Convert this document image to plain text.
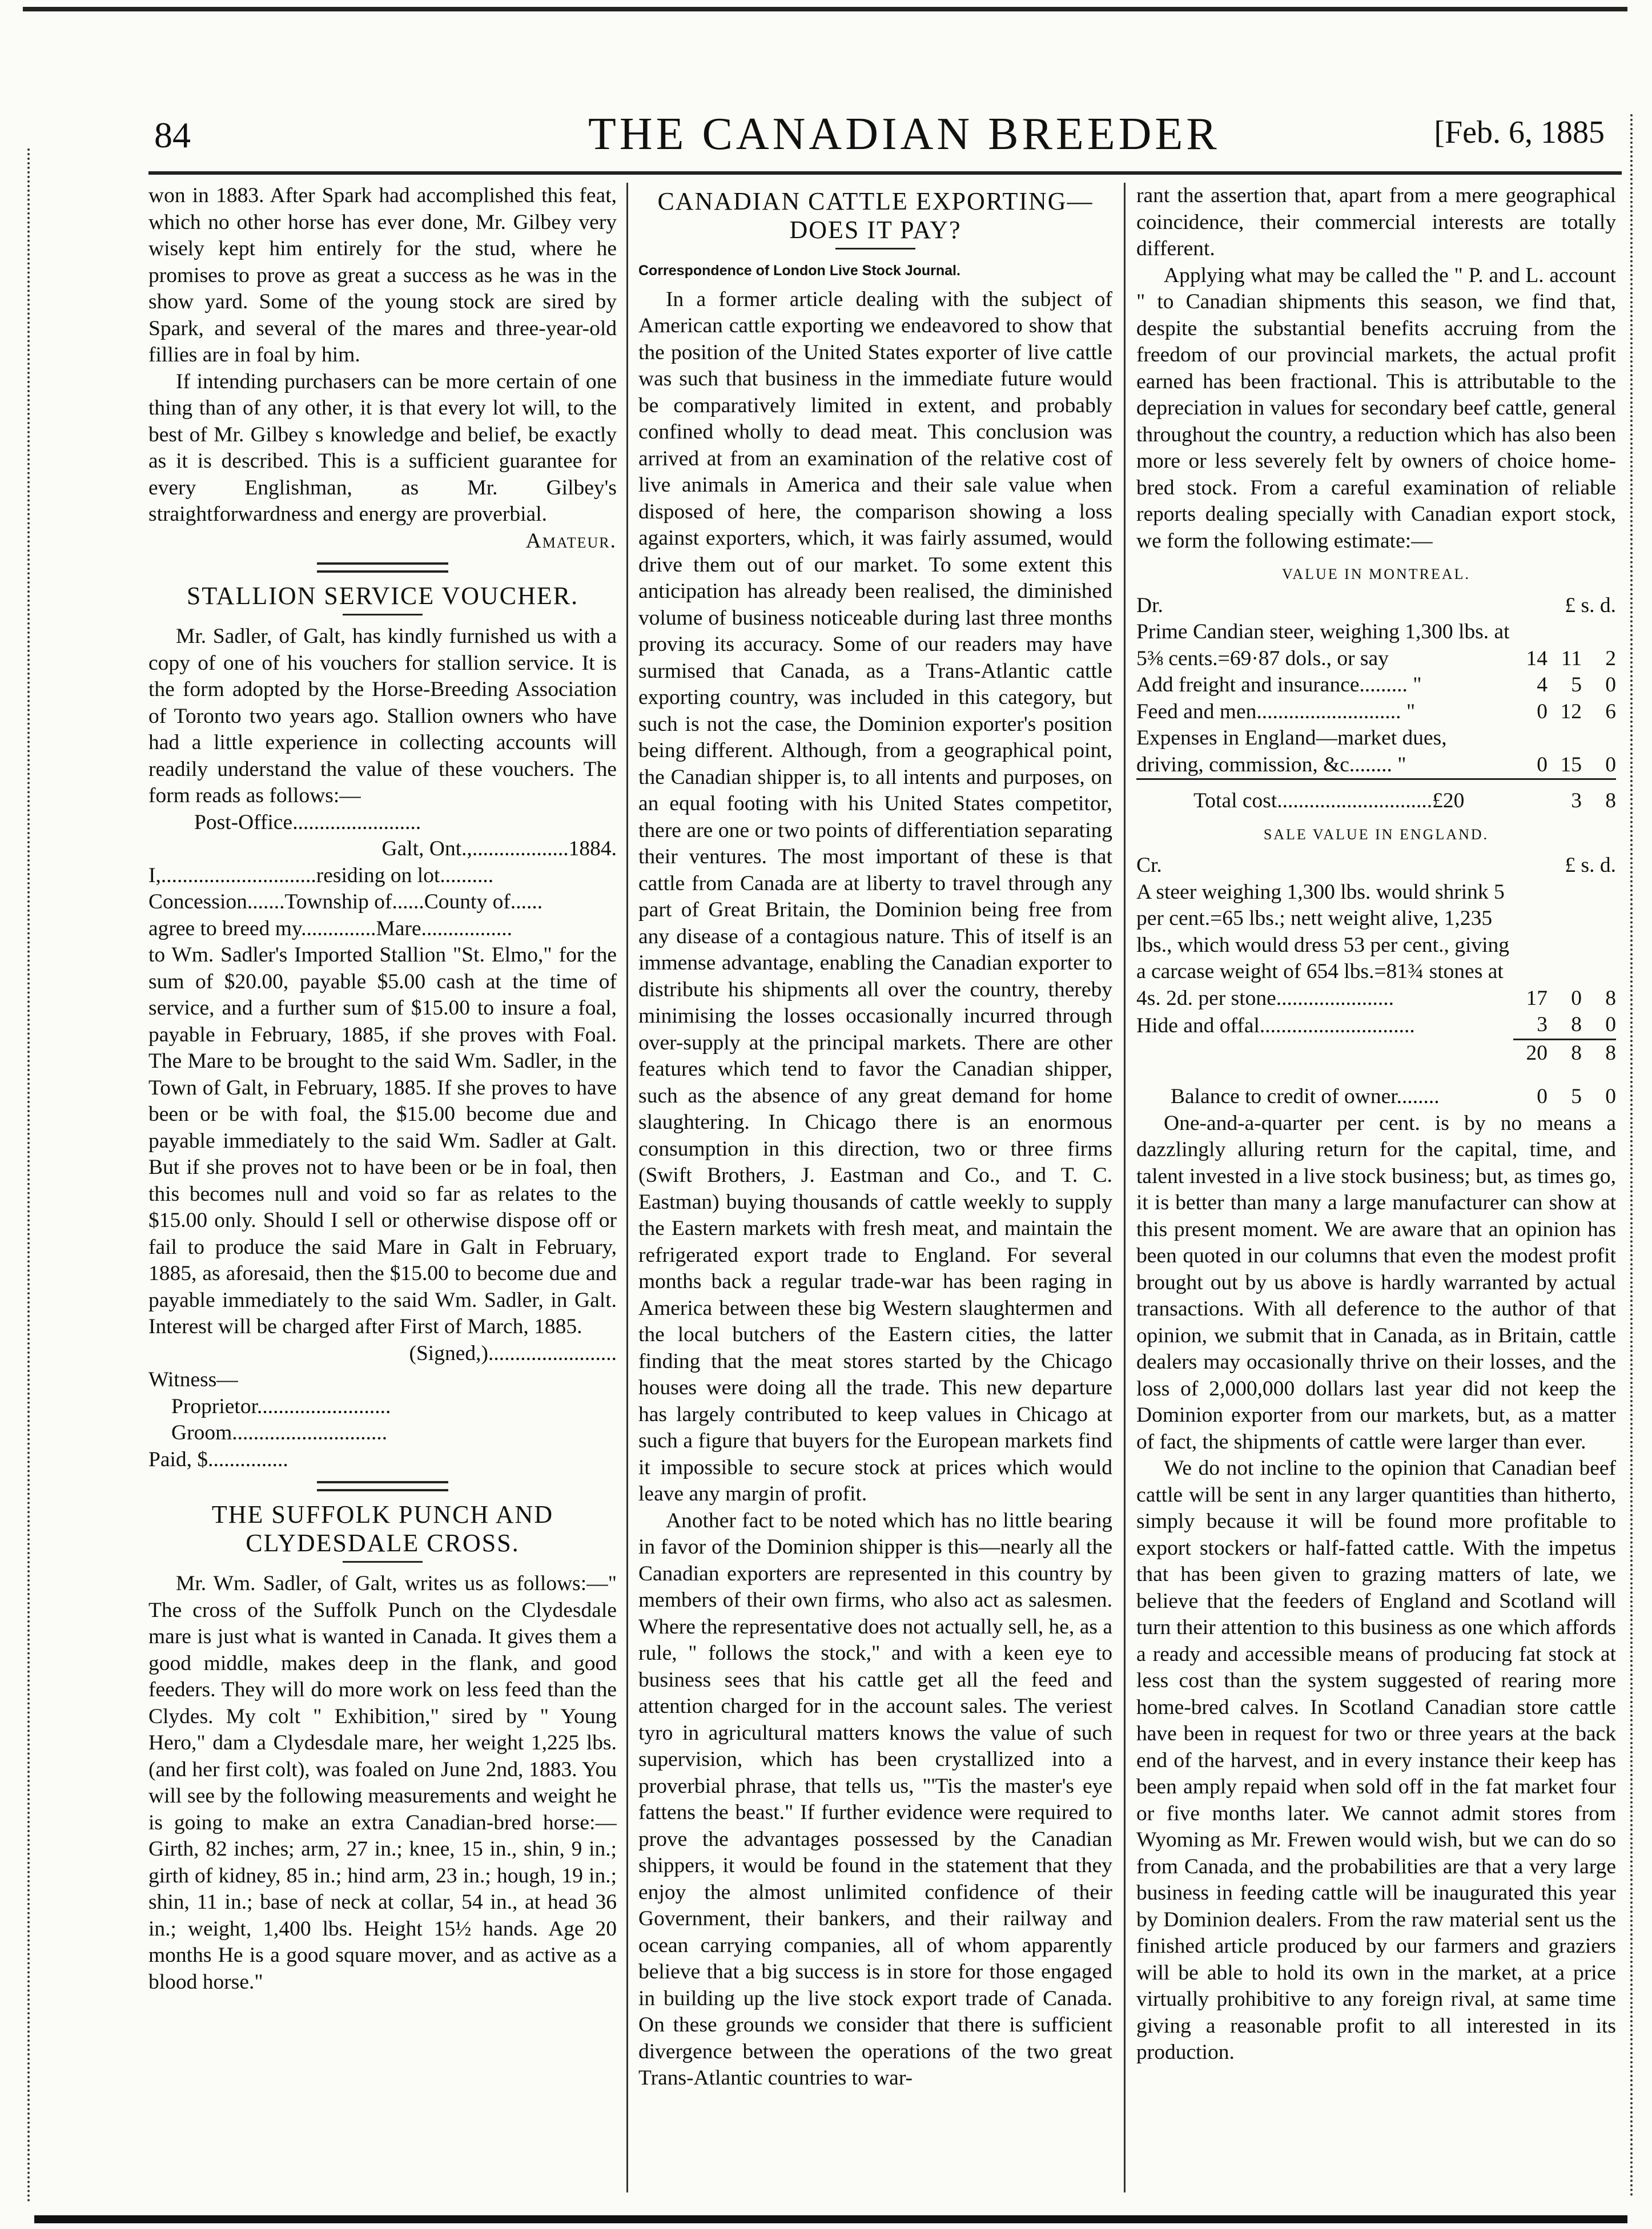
84	THE CANADIAN BREEDER	[Feb. 6, 1885

won in 1883. After Spark had accomplished this feat, which no other horse has ever done, Mr. Gilbey very wisely kept him entirely for the stud, where he promises to prove as great a success as he was in the show yard. Some of the young stock are sired by Spark, and several of the mares and three-year-old fillies are in foal by him.

If intending purchasers can be more certain of one thing than of any other, it is that every lot will, to the best of Mr. Gilbey s knowledge and belief, be exactly as it is described. This is a sufficient guarantee for every Englishman, as Mr. Gilbey's straightforwardness and energy are proverbial.

Amateur.

STALLION SERVICE VOUCHER.

Mr. Sadler, of Galt, has kindly furnished us with a copy of one of his vouchers for stallion service. It is the form adopted by the Horse-Breeding Association of Toronto two years ago. Stallion owners who have had a little experience in collecting accounts will readily understand the value of these vouchers. The form reads as follows:—

Post-Office........................
Galt, Ont.,..................1884.
I,.............................residing on lot..........
Concession.......Township of......County of......
agree to breed my..............Mare.................

to Wm. Sadler's Imported Stallion "St. Elmo," for the sum of $20.00, payable $5.00 cash at the time of service, and a further sum of $15.00 to insure a foal, payable in February, 1885, if she proves with Foal. The Mare to be brought to the said Wm. Sadler, in the Town of Galt, in February, 1885. If she proves to have been or be with foal, the $15.00 become due and payable immediately to the said Wm. Sadler at Galt. But if she proves not to have been or be in foal, then this becomes null and void so far as relates to the $15.00 only. Should I sell or otherwise dispose off or fail to produce the said Mare in Galt in February, 1885, as aforesaid, then the $15.00 to become due and payable immediately to the said Wm. Sadler, in Galt. Interest will be charged after First of March, 1885.

(Signed,)........................
Witness—
Proprietor.........................
Groom.............................
Paid, $...............
THE SUFFOLK PUNCH AND CLYDESDALE CROSS.

Mr. Wm. Sadler, of Galt, writes us as follows:—" The cross of the Suffolk Punch on the Clydesdale mare is just what is wanted in Canada. It gives them a good middle, makes deep in the flank, and good feeders. They will do more work on less feed than the Clydes. My colt " Exhibition," sired by " Young Hero," dam a Clydesdale mare, her weight 1,225 lbs. (and her first colt), was foaled on June 2nd, 1883. You will see by the following measurements and weight he is going to make an extra Canadian-bred horse:—Girth, 82 inches; arm, 27 in.; knee, 15 in., shin, 9 in.; girth of kidney, 85 in.; hind arm, 23 in.; hough, 19 in.; shin, 11 in.; base of neck at collar, 54 in., at head 36 in.; weight, 1,400 lbs. Height 15½ hands. Age 20 months He is a good square mover, and as active as a blood horse."

CANADIAN CATTLE EXPORTING—DOES IT PAY?

Correspondence of London Live Stock Journal.

In a former article dealing with the subject of American cattle exporting we endeavored to show that the position of the United States exporter of live cattle was such that business in the immediate future would be comparatively limited in extent, and probably confined wholly to dead meat. This conclusion was arrived at from an examination of the relative cost of live animals in America and their sale value when disposed of here, the comparison showing a loss against exporters, which, it was fairly assumed, would drive them out of our market. To some extent this anticipation has already been realised, the diminished volume of business noticeable during last three months proving its accuracy. Some of our readers may have surmised that Canada, as a Trans-Atlantic cattle exporting country, was included in this category, but such is not the case, the Dominion exporter's position being different. Although, from a geographical point, the Canadian shipper is, to all intents and purposes, on an equal footing with his United States competitor, there are one or two points of differentiation separating their ventures. The most important of these is that cattle from Canada are at liberty to travel through any part of Great Britain, the Dominion being free from any disease of a contagious nature. This of itself is an immense advantage, enabling the Canadian exporter to distribute his shipments all over the country, thereby minimising the losses occasionally incurred through over-supply at the principal markets. There are other features which tend to favor the Canadian shipper, such as the absence of any great demand for home slaughtering. In Chicago there is an enormous consumption in this direction, two or three firms (Swift Brothers, J. Eastman and Co., and T. C. Eastman) buying thousands of cattle weekly to supply the Eastern markets with fresh meat, and maintain the refrigerated export trade to England. For several months back a regular trade-war has been raging in America between these big Western slaughtermen and the local butchers of the Eastern cities, the latter finding that the meat stores started by the Chicago houses were doing all the trade. This new departure has largely contributed to keep values in Chicago at such a figure that buyers for the European markets find it impossible to secure stock at prices which would leave any margin of profit.

Another fact to be noted which has no little bearing in favor of the Dominion shipper is this—nearly all the Canadian exporters are represented in this country by members of their own firms, who also act as salesmen. Where the representative does not actually sell, he, as a rule, " follows the stock," and with a keen eye to business sees that his cattle get all the feed and attention charged for in the account sales. The veriest tyro in agricultural matters knows the value of such supervision, which has been crystallized into a proverbial phrase, that tells us, "'Tis the master's eye fattens the beast." If further evidence were required to prove the advantages possessed by the Canadian shippers, it would be found in the statement that they enjoy the almost unlimited confidence of their Government, their bankers, and their railway and ocean carrying companies, all of whom apparently believe that a big success is in store for those engaged in building up the live stock export trade of Canada. On these grounds we consider that there is sufficient divergence between the operations of the two great Trans-Atlantic countries to war-

rant the assertion that, apart from a mere geographical coincidence, their commercial interests are totally different.

Applying what may be called the " P. and L. account " to Canadian shipments this season, we find that, despite the substantial benefits accruing from the freedom of our provincial markets, the actual profit earned has been fractional. This is attributable to the depreciation in values for secondary beef cattle, general throughout the country, a reduction which has also been more or less severely felt by owners of choice home-bred stock. From a careful examination of reliable reports dealing specially with Canadian export stock, we form the following estimate:—

VALUE IN MONTREAL.
Dr.	£ s. d.		
Prime Candian steer, weighing 1,300 lbs. at 5⅜ cents.=69·87 dols., or say	14	11	2
Add freight and insurance......... "	4	5	0
Feed and men........................... "	0	12	6
Expenses in England—market dues, driving, commission, &c........ "	0	15	0
Total cost.............................£20		3	8
SALE VALUE IN ENGLAND.
Cr.	£ s. d.		
A steer weighing 1,300 lbs. would shrink 5 per cent.=65 lbs.; nett weight alive, 1,235 lbs., which would dress 53 per cent., giving a carcase weight of 654 lbs.=81¾ stones at 4s. 2d. per stone......................	17	0	8
Hide and offal.............................	3	8	0
	20	8	8
Balance to credit of owner........	0	5	0

One-and-a-quarter per cent. is by no means a dazzlingly alluring return for the capital, time, and talent invested in a live stock business; but, as times go, it is better than many a large manufacturer can show at this present moment. We are aware that an opinion has been quoted in our columns that even the modest profit brought out by us above is hardly warranted by actual transactions. With all deference to the author of that opinion, we submit that in Canada, as in Britain, cattle dealers may occasionally thrive on their losses, and the loss of 2,000,000 dollars last year did not keep the Dominion exporter from our markets, but, as a matter of fact, the shipments of cattle were larger than ever.

We do not incline to the opinion that Canadian beef cattle will be sent in any larger quantities than hitherto, simply because it will be found more profitable to export stockers or half-fatted cattle. With the impetus that has been given to grazing matters of late, we believe that the feeders of England and Scotland will turn their attention to this business as one which affords a ready and accessible means of producing fat stock at less cost than the system suggested of rearing more home-bred calves. In Scotland Canadian store cattle have been in request for two or three years at the back end of the harvest, and in every instance their keep has been amply repaid when sold off in the fat market four or five months later. We cannot admit stores from Wyoming as Mr. Frewen would wish, but we can do so from Canada, and the probabilities are that a very large business in feeding cattle will be inaugurated this year by Dominion dealers. From the raw material sent us the finished article produced by our farmers and graziers will be able to hold its own in the market, at a price virtually prohibitive to any foreign rival, at same time giving a reasonable profit to all interested in its production.
